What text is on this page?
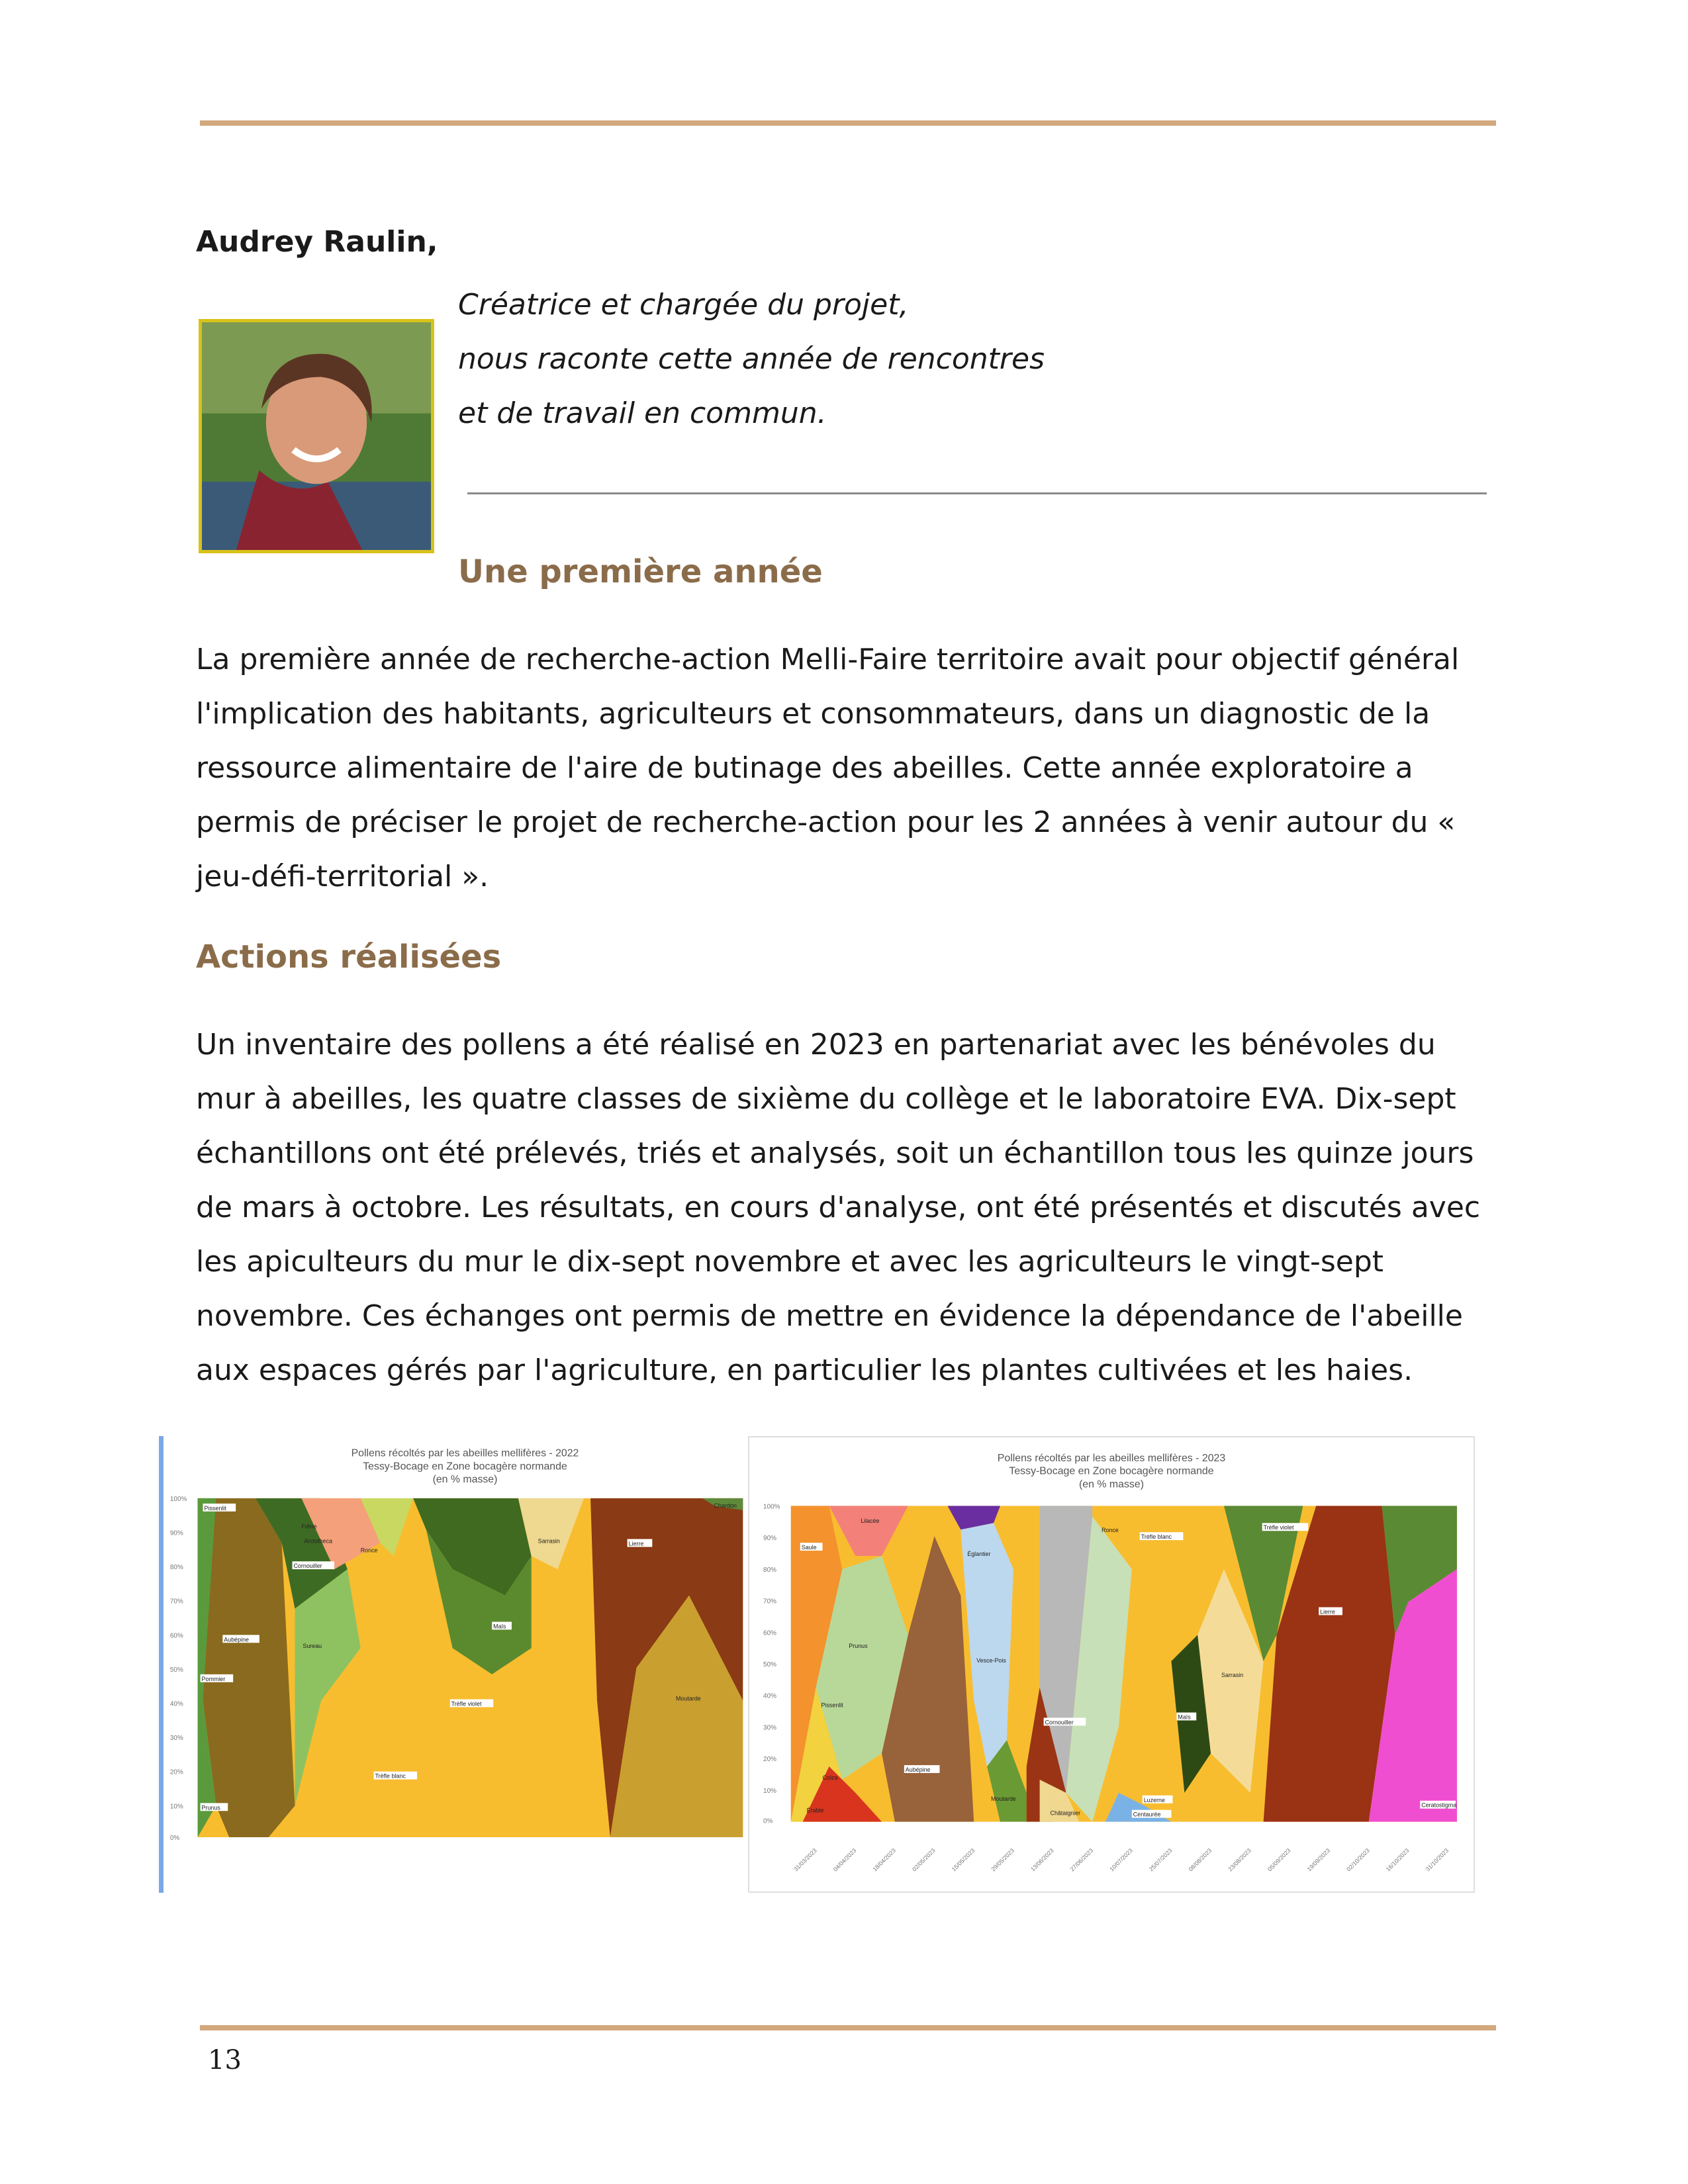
Audrey Raulin,
Créatrice et chargée du projet,
nous raconte cette année de rencontres
et de travail en commun.
Une première année

La première année de recherche-action Melli-Faire territoire avait pour objectif général l'implication des habitants, agriculteurs et consommateurs, dans un diagnostic de la ressource alimentaire de l'aire de butinage des abeilles. Cette année exploratoire a permis de préciser le projet de recherche-action pour les 2 années à venir autour du « jeu-défi-territorial ».

Actions réalisées

Un inventaire des pollens a été réalisé en 2023 en partenariat avec les bénévoles du mur à abeilles, les quatre classes de sixième du collège et le laboratoire EVA. Dix-sept échantillons ont été prélevés, triés et analysés, soit un échantillon tous les quinze jours de mars à octobre. Les résultats, en cours d'analyse, ont été présentés et discutés avec les apiculteurs du mur le dix-sept novembre et avec les agriculteurs le vingt-sept novembre. Ces échanges ont permis de mettre en évidence la dépendance de l'abeille aux espaces gérés par l'agriculture, en particulier les plantes cultivées et les haies.

Pollens récoltés par les abeilles mellifères - 2022
Tessy-Bocage en Zone bocagère normande
(en % masse)
100%
90%
80%
70%
60%
50%
40%
30%
20%
10%
0%
Pissenlit
Aubépine
Pommier
Prunus
Frêne
Arctotheca
Cornouiller
Sureau
Ronce
Trèfle blanc
Trèfle violet
Maïs
Sarrasin	Lierre
Moutarde
Chardon
Pollens récoltés par les abeilles mellifères - 2023
Tessy-Bocage en Zone bocagère normande
(en % masse)
100%
90%
80%
70%
60%
50%
40%
30%
20%
10%
0%
Saule
Lilacée
Prunus
Colza
Pissenlit
Érable
Aubépine
Églantier
Vesce-Pois
Moutarde
Ronce
Trèfle blanc
Cornouiller
Châtaignier
Luzerne
Centaurée
Maïs
Sarrasin
Trèfle violet
Lierre
Ceratostigma
31/03/2023 04/04/2023 18/04/2023 02/05/2023 15/05/2023 29/05/2023 13/06/2023 27/06/2023 10/07/2023 25/07/2023 08/08/2023 23/08/2023 05/09/2023 19/09/2023 02/10/2023 16/10/2023 31/10/2023
13
